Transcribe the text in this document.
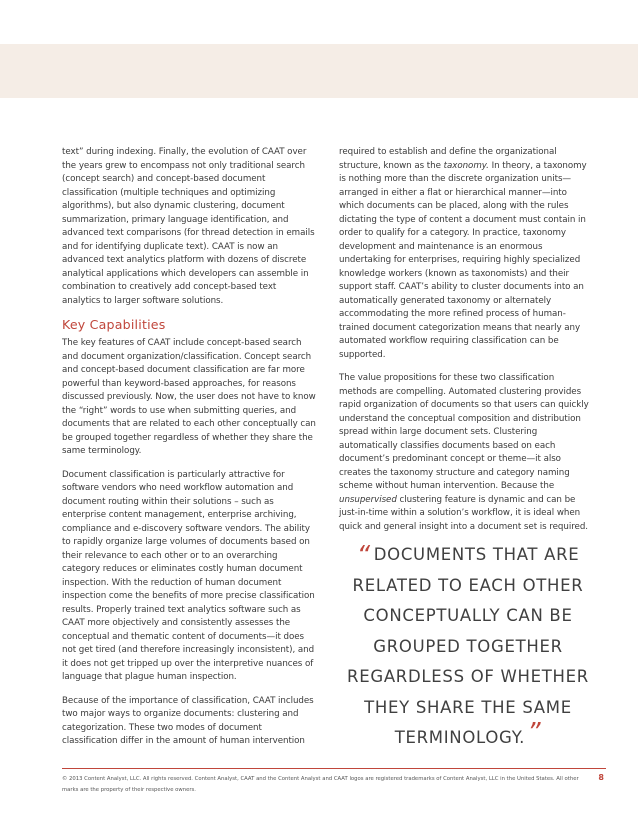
text” during indexing. Finally, the evolution of CAAT over the years grew to encompass not only traditional search (concept search) and concept-based document classification (multiple techniques and optimizing algorithms), but also dynamic clustering, document summarization, primary language identification, and advanced text comparisons (for thread detection in emails and for identifying duplicate text). CAAT is now an advanced text analytics platform with dozens of discrete analytical applications which developers can assemble in combination to creatively add concept-based text analytics to larger software solutions.

Key Capabilities

The key features of CAAT include concept-based search and document organization/classification. Concept search and concept-based document classification are far more powerful than keyword-based approaches, for reasons discussed previously. Now, the user does not have to know the “right” words to use when submitting queries, and documents that are related to each other conceptually can be grouped together regardless of whether they share the same terminology.

Document classification is particularly attractive for software vendors who need workflow automation and document routing within their solutions – such as enterprise content management, enterprise archiving, compliance and e-discovery software vendors. The ability to rapidly organize large volumes of documents based on their relevance to each other or to an overarching category reduces or eliminates costly human document inspection. With the reduction of human document inspection come the benefits of more precise classification results. Properly trained text analytics software such as CAAT more objectively and consistently assesses the conceptual and thematic content of documents—it does not get tired (and therefore increasingly inconsistent), and it does not get tripped up over the interpretive nuances of language that plague human inspection.

Because of the importance of classification, CAAT includes two major ways to organize documents: clustering and categorization. These two modes of document classification differ in the amount of human intervention

required to establish and define the organizational structure, known as the taxonomy. In theory, a taxonomy is nothing more than the discrete organization units—arranged in either a flat or hierarchical manner—into which documents can be placed, along with the rules dictating the type of content a document must contain in order to qualify for a category. In practice, taxonomy development and maintenance is an enormous undertaking for enterprises, requiring highly specialized knowledge workers (known as taxonomists) and their support staff. CAAT’s ability to cluster documents into an automatically generated taxonomy or alternately accommodating the more refined process of human-trained document categorization means that nearly any automated workflow requiring classification can be supported.

The value propositions for these two classification methods are compelling. Automated clustering provides rapid organization of documents so that users can quickly understand the conceptual composition and distribution spread within large document sets. Clustering automatically classifies documents based on each document’s predominant concept or theme—it also creates the taxonomy structure and category naming scheme without human intervention. Because the unsupervised clustering feature is dynamic and can be just-in-time within a solution’s workflow, it is ideal when quick and general insight into a document set is required.

“ DOCUMENTS THAT ARE RELATED TO EACH OTHER CONCEPTUALLY CAN BE GROUPED TOGETHER REGARDLESS OF WHETHER THEY SHARE THE SAME TERMINOLOGY.”
© 2013 Content Analyst, LLC. All rights reserved. Content Analyst, CAAT and the Content Analyst and CAAT logos are registered trademarks of Content Analyst, LLC in the United States. All other marks are the property of their respective owners.
8
